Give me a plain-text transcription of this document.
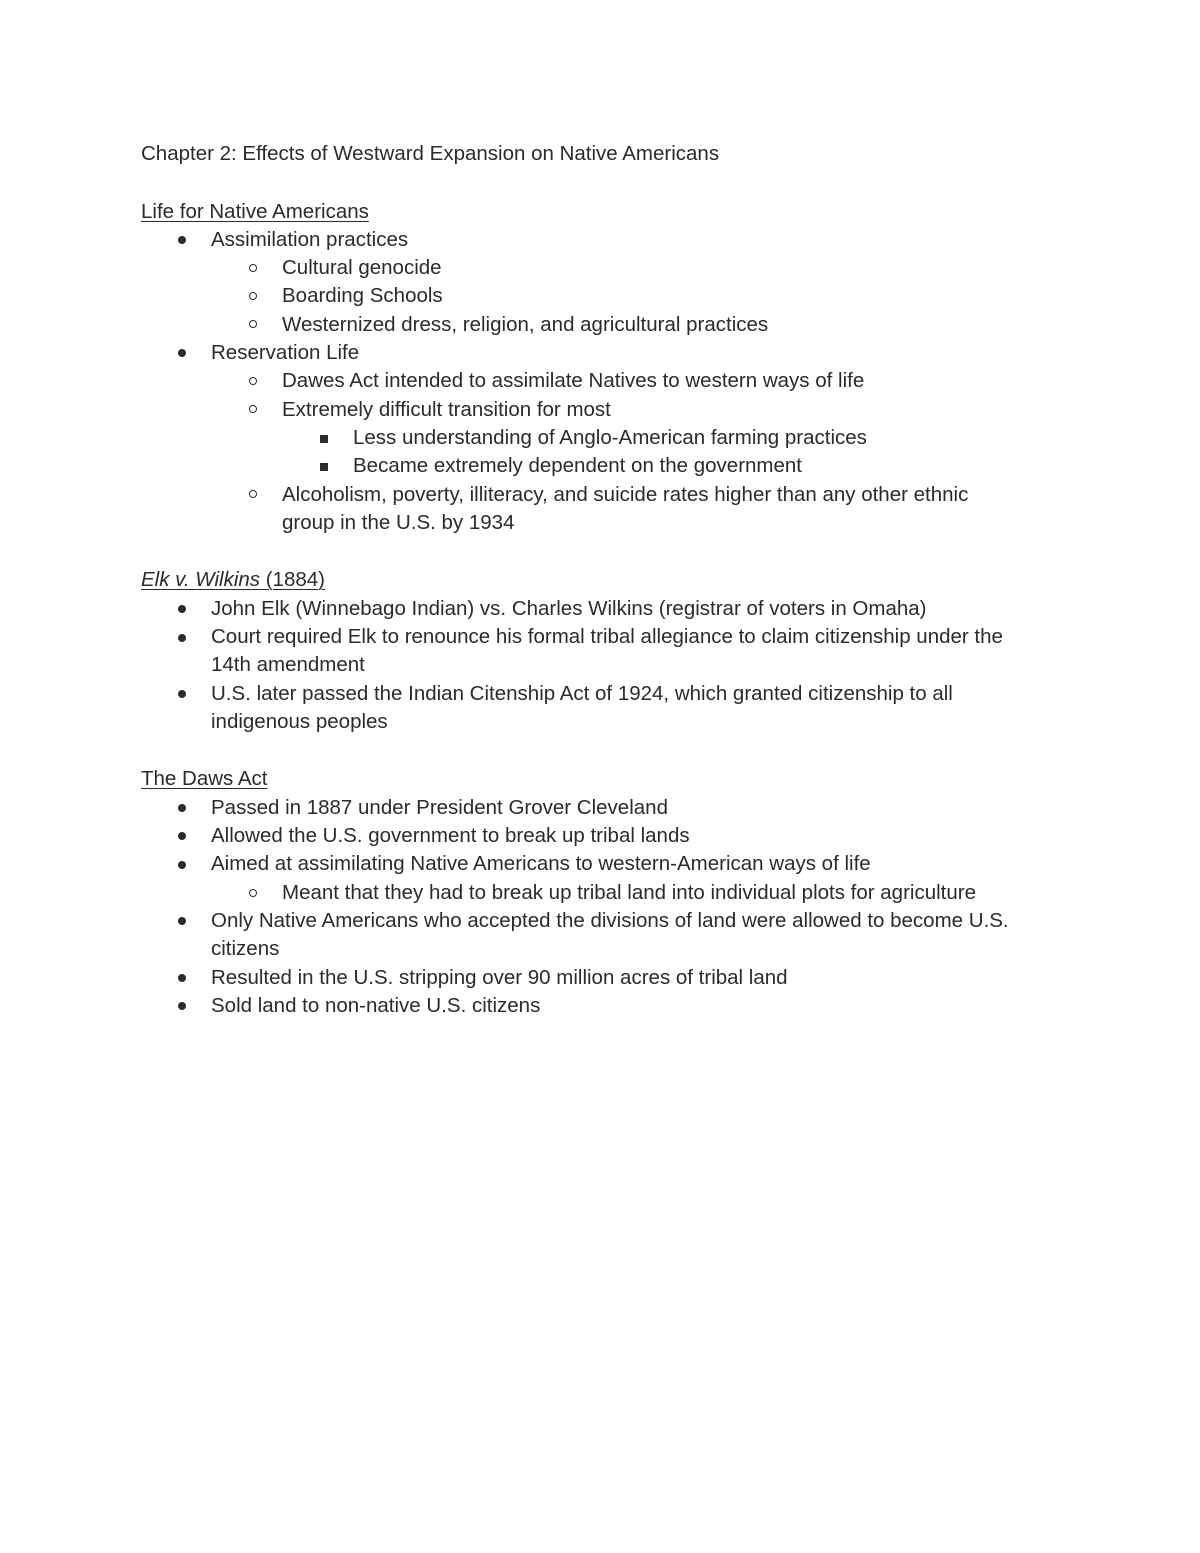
Chapter 2: Effects of Westward Expansion on Native Americans
Life for Native Americans
Assimilation practices
Cultural genocide
Boarding Schools
Westernized dress, religion, and agricultural practices
Reservation Life
Dawes Act intended to assimilate Natives to western ways of life
Extremely difficult transition for most
Less understanding of Anglo-American farming practices
Became extremely dependent on the government
Alcoholism, poverty, illiteracy, and suicide rates higher than any other ethnic
group in the U.S. by 1934
Elk v. Wilkins (1884)
John Elk (Winnebago Indian) vs. Charles Wilkins (registrar of voters in Omaha)
Court required Elk to renounce his formal tribal allegiance to claim citizenship under the
14th amendment
U.S. later passed the Indian Citenship Act of 1924, which granted citizenship to all
indigenous peoples
The Daws Act
Passed in 1887 under President Grover Cleveland
Allowed the U.S. government to break up tribal lands
Aimed at assimilating Native Americans to western-American ways of life
Meant that they had to break up tribal land into individual plots for agriculture
Only Native Americans who accepted the divisions of land were allowed to become U.S.
citizens
Resulted in the U.S. stripping over 90 million acres of tribal land
Sold land to non-native U.S. citizens
